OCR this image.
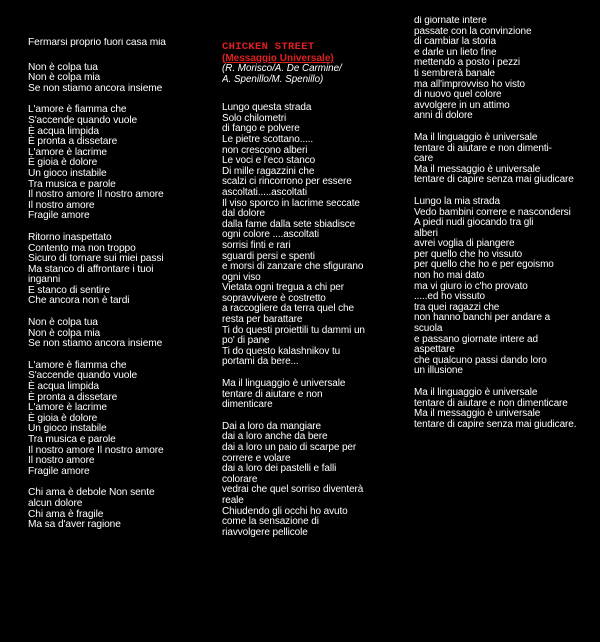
Fermarsi proprio fuori casa mia
Non è colpa tua
Non è colpa mia
Se non stiamo ancora insieme
L'amore è fiamma che
S'accende quando vuole
È acqua limpida
È pronta a dissetare
L'amore è lacrime
È gioia è dolore
Un gioco instabile
Tra musica e parole
Il nostro amore Il nostro amore
Il nostro amore
Fragile amore
Ritorno inaspettato
Contento ma non troppo
Sicuro di tornare sui miei passi
Ma stanco di affrontare i tuoi
inganni
E stanco di sentire
Che ancora non è tardi
Non è colpa tua
Non è colpa mia
Se non stiamo ancora insieme
L'amore è fiamma che
S'accende quando vuole
È acqua limpida
È pronta a dissetare
L'amore è lacrime
È gioia è dolore
Un gioco instabile
Tra musica e parole
Il nostro amore Il nostro amore
Il nostro amore
Fragile amore
Chi ama è debole Non sente
alcun dolore
Chi ama è fragile
Ma sa d'aver ragione
CHICKEN STREET
(Messaggio Universale)
(R. Morisco/A. De Carmine/
A. Spenillo/M. Spenillo)
Lungo questa strada
Solo chilometri
di fango e polvere
Le pietre scottano.....
non crescono alberi
Le voci e l'eco stanco
Di mille ragazzini che
scalzi ci rincorrono per essere
ascoltati.....ascoltati
Il viso sporco in lacrime seccate
dal dolore
dalla fame dalla sete sbiadisce
ogni colore ....ascoltati
sorrisi finti e rari
sguardi persi e spenti
e morsi di zanzare che sfigurano
ogni viso
Vietata ogni tregua a chi per
sopravvivere è costretto
a raccogliere da terra quel che
resta per barattare
Ti do questi proiettili tu dammi un
po' di pane
Ti do questo kalashnikov tu
portami da bere...
Ma il linguaggio è universale
tentare di aiutare e non
dimenticare
Dai a loro da mangiare
dai a loro anche da bere
dai a loro un paio di scarpe per
correre e volare
dai a loro dei pastelli e falli
colorare
vedrai che quel sorriso diventerà
reale
Chiudendo gli occhi ho avuto
come la sensazione di
riavvolgere pellicole
di giornate intere
passate con la convinzione
di cambiar la storia
e darle un lieto fine
mettendo a posto i pezzi
ti sembrerà banale
ma all'improvviso ho visto
di nuovo quel colore
avvolgere in un attimo
anni di dolore
Ma il linguaggio è universale
tentare di aiutare e non dimenti-
care
Ma il messaggio è universale
tentare di capire senza mai giudicare
Lungo la mia strada
Vedo bambini correre e nascondersi
A piedi nudi giocando tra gli
alberi
avrei voglia di piangere
per quello che ho vissuto
per quello che ho e per egoismo
non ho mai dato
ma vi giuro io c'ho provato
.....ed ho vissuto
tra quei ragazzi che
non hanno banchi per andare a
scuola
e passano giornate intere ad
aspettare
che qualcuno passi dando loro
un illusione
Ma il linguaggio è universale
tentare di aiutare e non dimenticare
Ma il messaggio è universale
tentare di capire senza mai giudicare.
